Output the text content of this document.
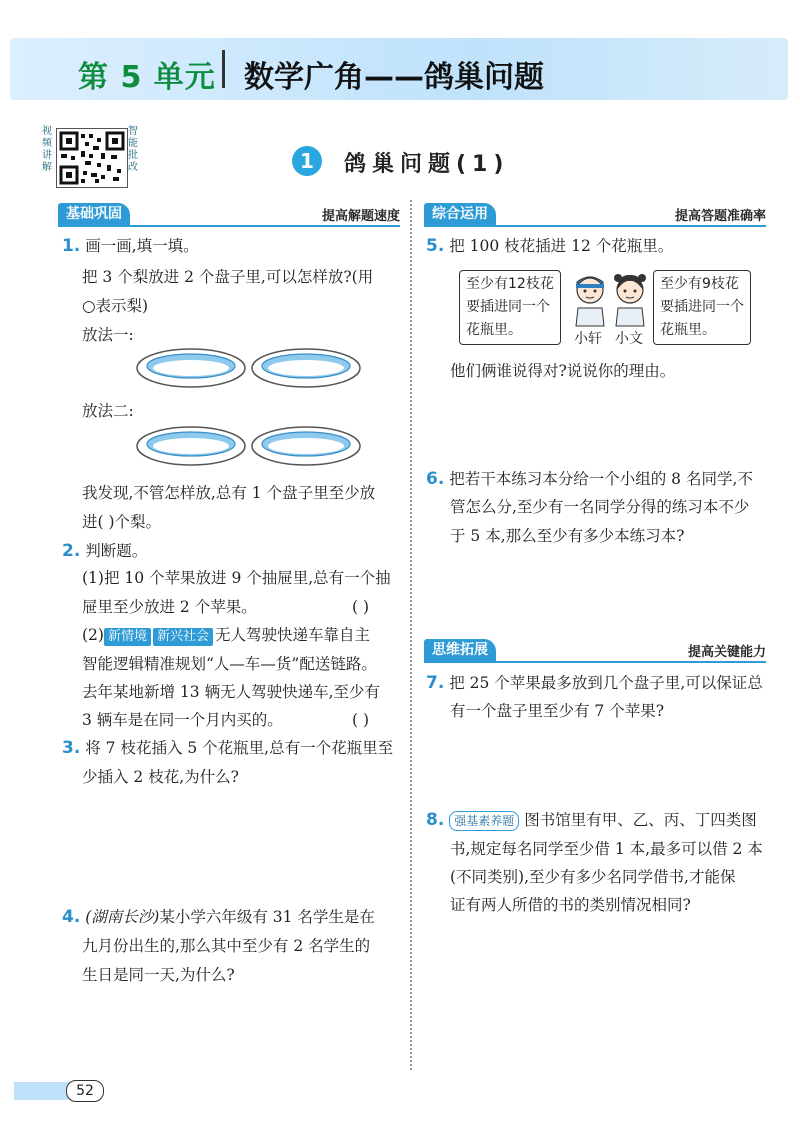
第 5 单元 数学广角——鸽巢问题
视频讲解
智能批改	1	鸽巢问题(1)
基础巩固	提高解题速度	综合运用	提高答题准确率
思维拓展	提高关键能力
1. 画一画,填一填。
把 3 个梨放进 2 个盘子里,可以怎样放?(用
○表示梨)
放法一:
放法二:
我发现,不管怎样放,总有 1 个盘子里至少放
进( )个梨。
2. 判断题。
(1)把 10 个苹果放进 9 个抽屉里,总有一个抽
屉里至少放进 2 个苹果。	( )
(2) 新情境 新兴社会 无人驾驶快递车靠自主
智能逻辑精准规划“人—车—货”配送链路。
去年某地新增 13 辆无人驾驶快递车,至少有
3 辆车是在同一个月内买的。	( )
3. 将 7 枝花插入 5 个花瓶里,总有一个花瓶里至
少插入 2 枝花,为什么?
4. (湖南长沙)某小学六年级有 31 名学生是在
九月份出生的,那么其中至少有 2 名学生的
生日是同一天,为什么?
5. 把 100 枝花插进 12 个花瓶里。
至少有12枝花
要插进同一个
花瓶里。
小轩 小文
至少有9枝花
要插进同一个
花瓶里。
他们俩谁说得对?说说你的理由。
6. 把若干本练习本分给一个小组的 8 名同学,不
管怎么分,至少有一名同学分得的练习本不少
于 5 本,那么至少有多少本练习本?
7. 把 25 个苹果最多放到几个盘子里,可以保证总
有一个盘子里至少有 7 个苹果?
8. 强基素养题 图书馆里有甲、乙、丙、丁四类图
书,规定每名同学至少借 1 本,最多可以借 2 本
(不同类别),至少有多少名同学借书,才能保
证有两人所借的书的类别情况相同?
52
